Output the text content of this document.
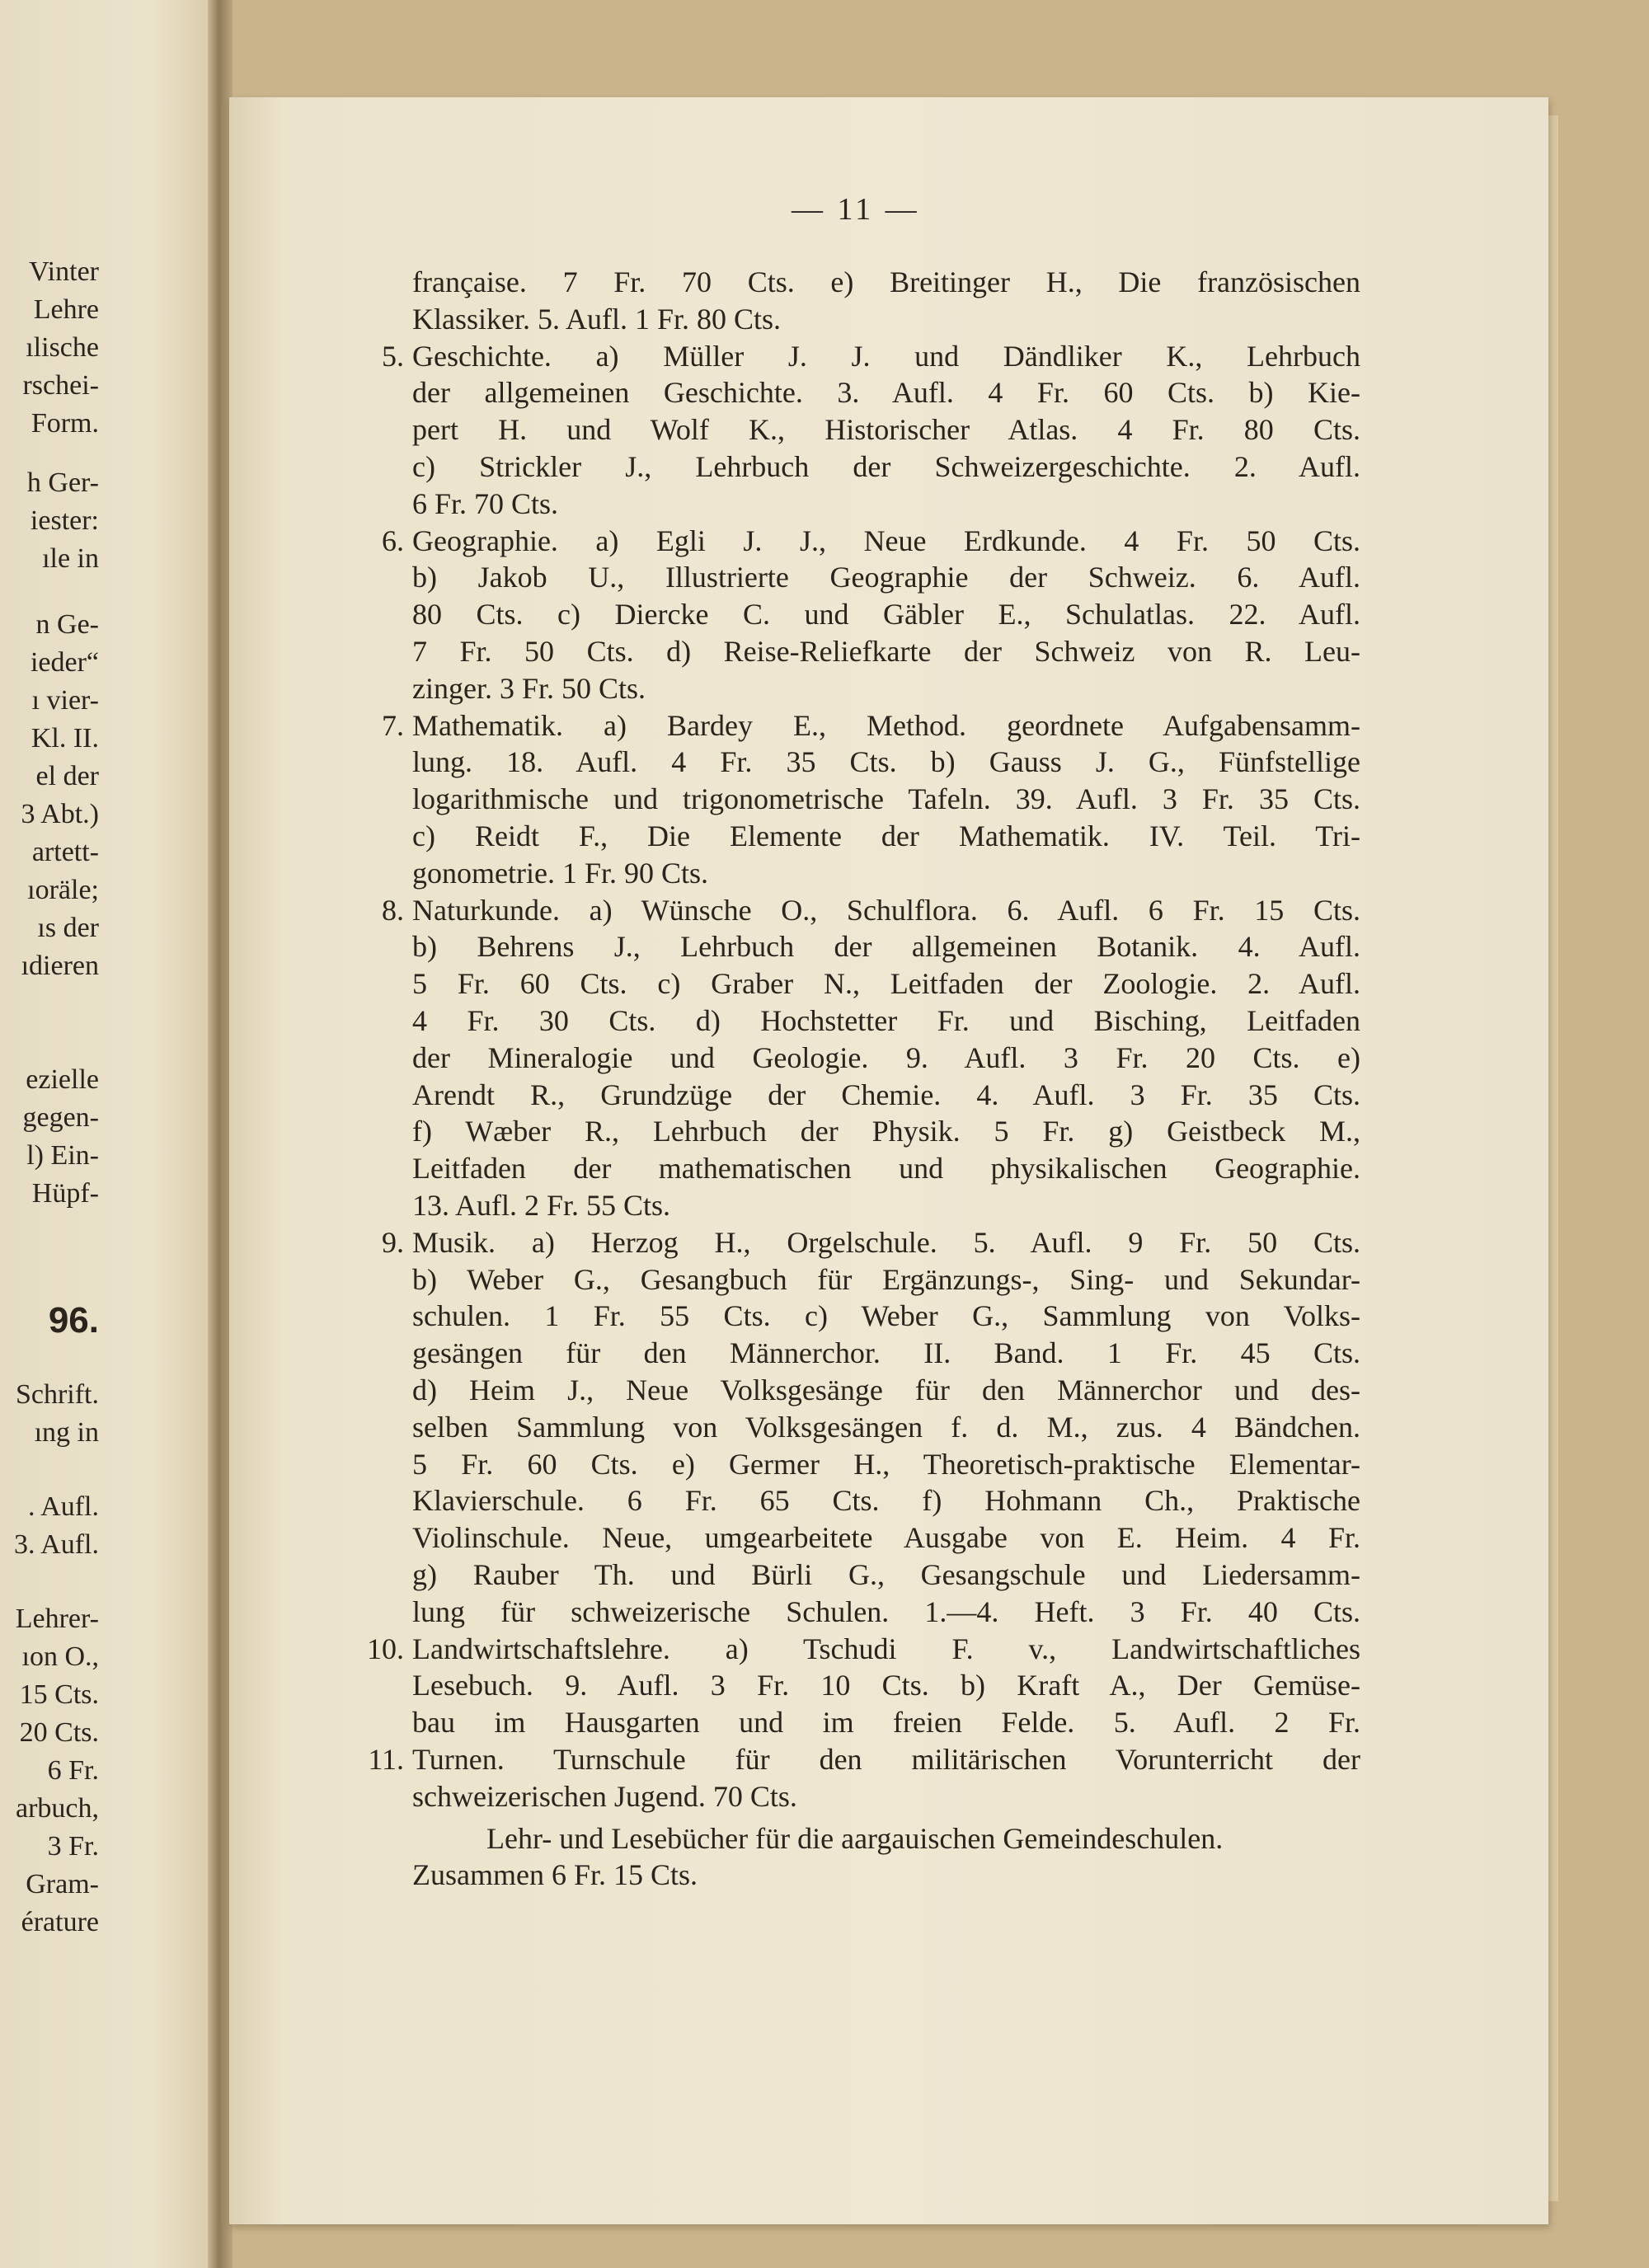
Vinter
Lehre
ılische
rschei-
Form.
h Ger-
iester:
ıle in
n Ge-
ieder“
ı vier-
Kl. II.
el der
3 Abt.)
artett-
ıoräle;
ıs der
ıdieren
ezielle
gegen-
l) Ein-
Hüpf-
96.
Schrift.
ıng in
. Aufl.
3. Aufl.
Lehrer-
ıon O.,
15 Cts.
20 Cts.
6 Fr.
arbuch,
3 Fr.
Gram-
érature
— 11 —
française. 7 Fr. 70 Cts. e) Breitinger H., Die französischen
Klassiker. 5. Aufl. 1 Fr. 80 Cts.
5. Geschichte. a) Müller J. J. und Dändliker K., Lehrbuch
der allgemeinen Geschichte. 3. Aufl. 4 Fr. 60 Cts. b) Kie-
pert H. und Wolf K., Historischer Atlas. 4 Fr. 80 Cts.
c) Strickler J., Lehrbuch der Schweizergeschichte. 2. Aufl.
6 Fr. 70 Cts.
6. Geographie. a) Egli J. J., Neue Erdkunde. 4 Fr. 50 Cts.
b) Jakob U., Illustrierte Geographie der Schweiz. 6. Aufl.
80 Cts. c) Diercke C. und Gäbler E., Schulatlas. 22. Aufl.
7 Fr. 50 Cts. d) Reise-Reliefkarte der Schweiz von R. Leu-
zinger. 3 Fr. 50 Cts.
7. Mathematik. a) Bardey E., Method. geordnete Aufgabensamm-
lung. 18. Aufl. 4 Fr. 35 Cts. b) Gauss J. G., Fünfstellige
logarithmische und trigonometrische Tafeln. 39. Aufl. 3 Fr. 35 Cts.
c) Reidt F., Die Elemente der Mathematik. IV. Teil. Tri-
gonometrie. 1 Fr. 90 Cts.
8. Naturkunde. a) Wünsche O., Schulflora. 6. Aufl. 6 Fr. 15 Cts.
b) Behrens J., Lehrbuch der allgemeinen Botanik. 4. Aufl.
5 Fr. 60 Cts. c) Graber N., Leitfaden der Zoologie. 2. Aufl.
4 Fr. 30 Cts. d) Hochstetter Fr. und Bisching, Leitfaden
der Mineralogie und Geologie. 9. Aufl. 3 Fr. 20 Cts. e)
Arendt R., Grundzüge der Chemie. 4. Aufl. 3 Fr. 35 Cts.
f) Wæber R., Lehrbuch der Physik. 5 Fr. g) Geistbeck M.,
Leitfaden der mathematischen und physikalischen Geographie.
13. Aufl. 2 Fr. 55 Cts.
9. Musik. a) Herzog H., Orgelschule. 5. Aufl. 9 Fr. 50 Cts.
b) Weber G., Gesangbuch für Ergänzungs-, Sing- und Sekundar-
schulen. 1 Fr. 55 Cts. c) Weber G., Sammlung von Volks-
gesängen für den Männerchor. II. Band. 1 Fr. 45 Cts.
d) Heim J., Neue Volksgesänge für den Männerchor und des-
selben Sammlung von Volksgesängen f. d. M., zus. 4 Bändchen.
5 Fr. 60 Cts. e) Germer H., Theoretisch-praktische Elementar-
Klavierschule. 6 Fr. 65 Cts. f) Hohmann Ch., Praktische
Violinschule. Neue, umgearbeitete Ausgabe von E. Heim. 4 Fr.
g) Rauber Th. und Bürli G., Gesangschule und Liedersamm-
lung für schweizerische Schulen. 1.—4. Heft. 3 Fr. 40 Cts.
10. Landwirtschaftslehre. a) Tschudi F. v., Landwirtschaftliches
Lesebuch. 9. Aufl. 3 Fr. 10 Cts. b) Kraft A., Der Gemüse-
bau im Hausgarten und im freien Felde. 5. Aufl. 2 Fr.
11. Turnen. Turnschule für den militärischen Vorunterricht der
schweizerischen Jugend. 70 Cts.
Lehr- und Lesebücher für die aargauischen Gemeindeschulen.
Zusammen 6 Fr. 15 Cts.
